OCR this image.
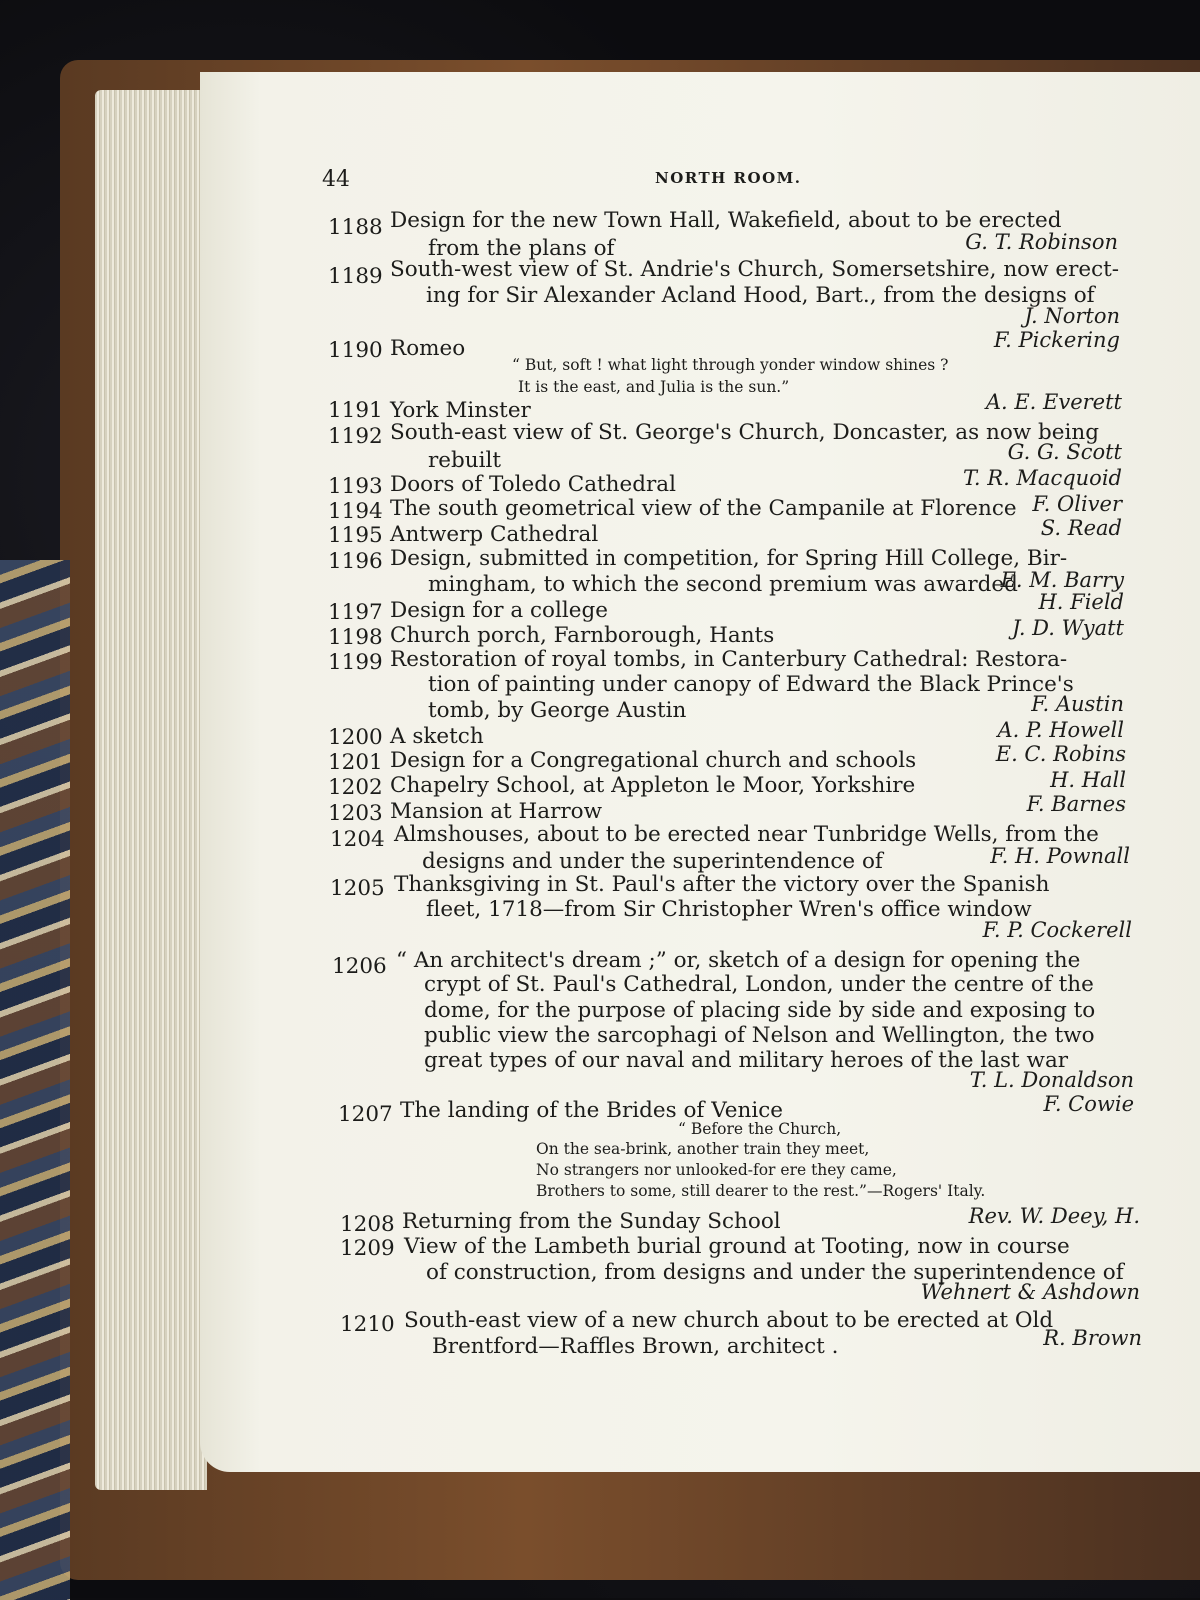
44	NORTH ROOM.
1188 Design for the new Town Hall, Wakefield, about to be erected
from the plans of	G. T. Robinson
1189 South-west view of St. Andrie's Church, Somersetshire, now erect-
ing for Sir Alexander Acland Hood, Bart., from the designs of
J. Norton
1190 Romeo	F. Pickering
“ But, soft ! what light through yonder window shines ?
It is the east, and Julia is the sun.”
1191 York Minster	A. E. Everett
1192 South-east view of St. George's Church, Doncaster, as now being
rebuilt	G. G. Scott
1193 Doors of Toledo Cathedral	T. R. Macquoid
1194 The south geometrical view of the Campanile at Florence F. Oliver
1195 Antwerp Cathedral	S. Read
1196 Design, submitted in competition, for Spring Hill College, Bir-
mingham, to which the second premium was awarded
E. M. Barry
1197 Design for a college	H. Field
1198 Church porch, Farnborough, Hants	J. D. Wyatt
1199 Restoration of royal tombs, in Canterbury Cathedral: Restora-
tion of painting under canopy of Edward the Black Prince's
tomb, by George Austin	F. Austin
1200 A sketch	A. P. Howell
1201 Design for a Congregational church and schools	E. C. Robins
1202 Chapelry School, at Appleton le Moor, Yorkshire	H. Hall
1203 Mansion at Harrow	F. Barnes
1204 Almshouses, about to be erected near Tunbridge Wells, from the
designs and under the superintendence of	F. H. Pownall
1205 Thanksgiving in St. Paul's after the victory over the Spanish
fleet, 1718—from Sir Christopher Wren's office window
F. P. Cockerell
1206 “ An architect's dream ;” or, sketch of a design for opening the
crypt of St. Paul's Cathedral, London, under the centre of the
dome, for the purpose of placing side by side and exposing to
public view the sarcophagi of Nelson and Wellington, the two
great types of our naval and military heroes of the last war
T. L. Donaldson
1207 The landing of the Brides of Venice	F. Cowie
“ Before the Church,
On the sea-brink, another train they meet,
No strangers nor unlooked-for ere they came,
Brothers to some, still dearer to the rest.”—Rogers' Italy.
1208 Returning from the Sunday School	Rev. W. Deey, H.
1209 View of the Lambeth burial ground at Tooting, now in course
of construction, from designs and under the superintendence of
Wehnert & Ashdown
1210 South-east view of a new church about to be erected at Old
Brentford—Raffles Brown, architect .	R. Brown
